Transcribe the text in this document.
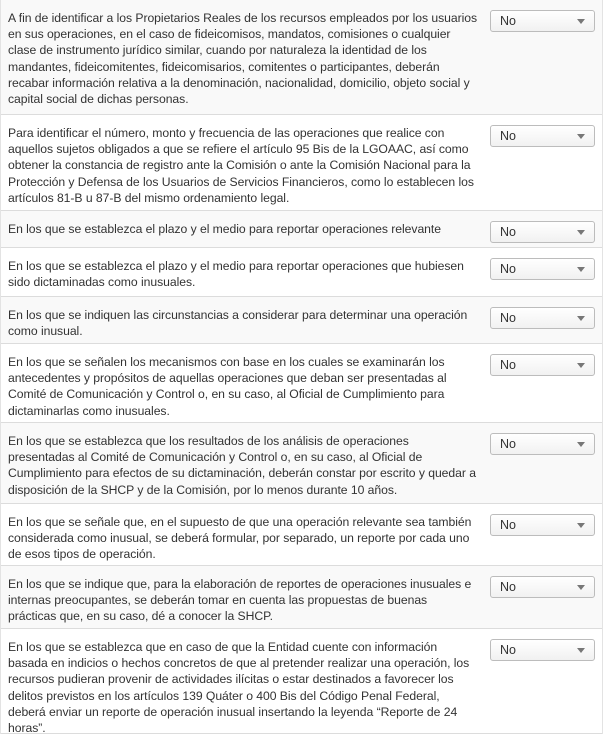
A fin de identificar a los Propietarios Reales de los recursos empleados por los usuarios en sus operaciones, en el caso de fideicomisos, mandatos, comisiones o cualquier clase de instrumento jurídico similar, cuando por naturaleza la identidad de los mandantes, fideicomitentes, fideicomisarios, comitentes o participantes, deberán recabar información relativa a la denominación, nacionalidad, domicilio, objeto social y capital social de dichas personas.
No
Para identificar el número, monto y frecuencia de las operaciones que realice con aquellos sujetos obligados a que se refiere el artículo 95 Bis de la LGOAAC, así como obtener la constancia de registro ante la Comisión o ante la Comisión Nacional para la Protección y Defensa de los Usuarios de Servicios Financieros, como lo establecen los artículos 81-B u 87-B del mismo ordenamiento legal.
No
En los que se establezca el plazo y el medio para reportar operaciones relevante	No
En los que se establezca el plazo y el medio para reportar operaciones que hubiesen sido dictaminadas como inusuales.
No
En los que se indiquen las circunstancias a considerar para determinar una operación como inusual.
No
En los que se señalen los mecanismos con base en los cuales se examinarán los antecedentes y propósitos de aquellas operaciones que deban ser presentadas al Comité de Comunicación y Control o, en su caso, al Oficial de Cumplimiento para dictaminarlas como inusuales.
No
En los que se establezca que los resultados de los análisis de operaciones presentadas al Comité de Comunicación y Control o, en su caso, al Oficial de Cumplimiento para efectos de su dictaminación, deberán constar por escrito y quedar a disposición de la SHCP y de la Comisión, por lo menos durante 10 años.
No
En los que se señale que, en el supuesto de que una operación relevante sea también considerada como inusual, se deberá formular, por separado, un reporte por cada uno de esos tipos de operación.
No
En los que se indique que, para la elaboración de reportes de operaciones inusuales e internas preocupantes, se deberán tomar en cuenta las propuestas de buenas prácticas que, en su caso, dé a conocer la SHCP.
No
En los que se establezca que en caso de que la Entidad cuente con información basada en indicios o hechos concretos de que al pretender realizar una operación, los recursos pudieran provenir de actividades ilícitas o estar destinados a favorecer los delitos previstos en los artículos 139 Quáter o 400 Bis del Código Penal Federal, deberá enviar un reporte de operación inusual insertando la leyenda “Reporte de 24 horas”.
No
